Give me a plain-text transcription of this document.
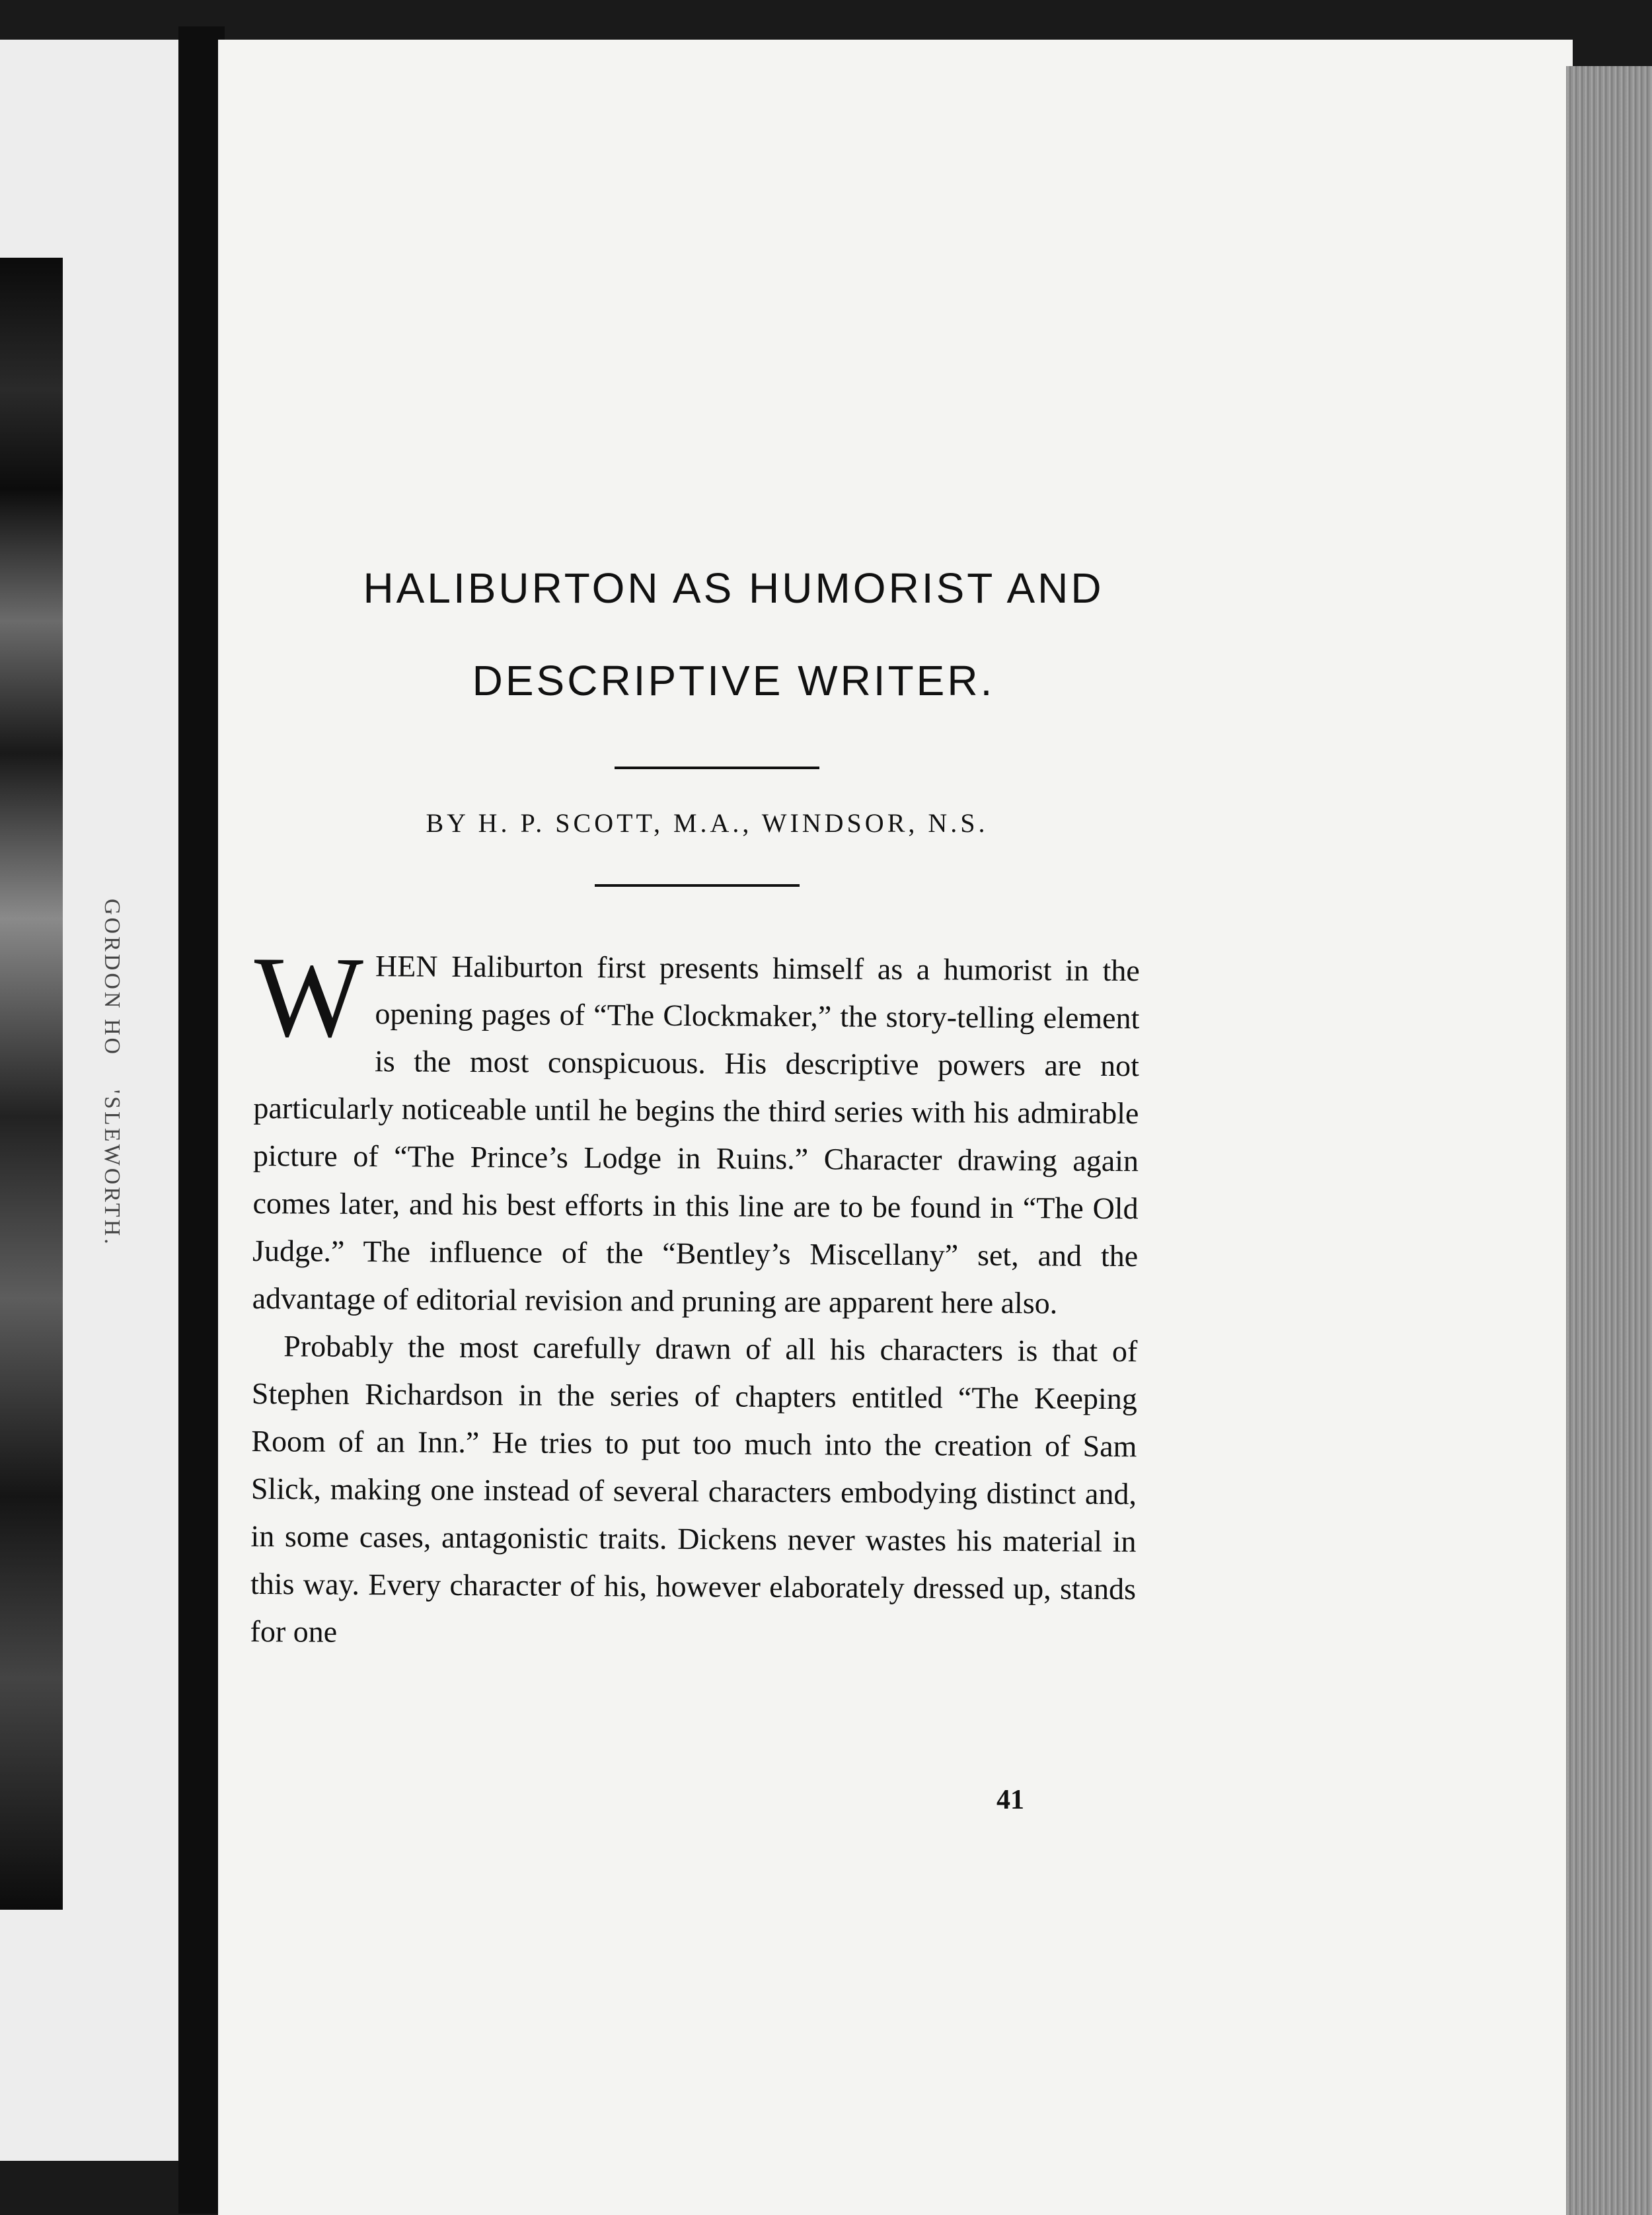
GORDON HO    'SLEWORTH.
HALIBURTON AS HUMORIST AND
DESCRIPTIVE WRITER.
BY H. P. SCOTT, M.A., WINDSOR, N.S.

WHEN Haliburton first presents himself as a humorist in the opening pages of “The Clockmaker,” the story-telling element is the most conspicuous. His descriptive powers are not particularly noticeable until he begins the third series with his admirable picture of “The Prince’s Lodge in Ruins.” Character drawing again comes later, and his best efforts in this line are to be found in “The Old Judge.” The influence of the “Bentley’s Miscellany” set, and the advantage of editorial revision and pruning are apparent here also.

Probably the most carefully drawn of all his characters is that of Stephen Richardson in the series of chapters entitled “The Keeping Room of an Inn.” He tries to put too much into the creation of Sam Slick, making one instead of several characters embodying distinct and, in some cases, antagonistic traits. Dickens never wastes his material in this way. Every character of his, however elaborately dressed up, stands for one

41
